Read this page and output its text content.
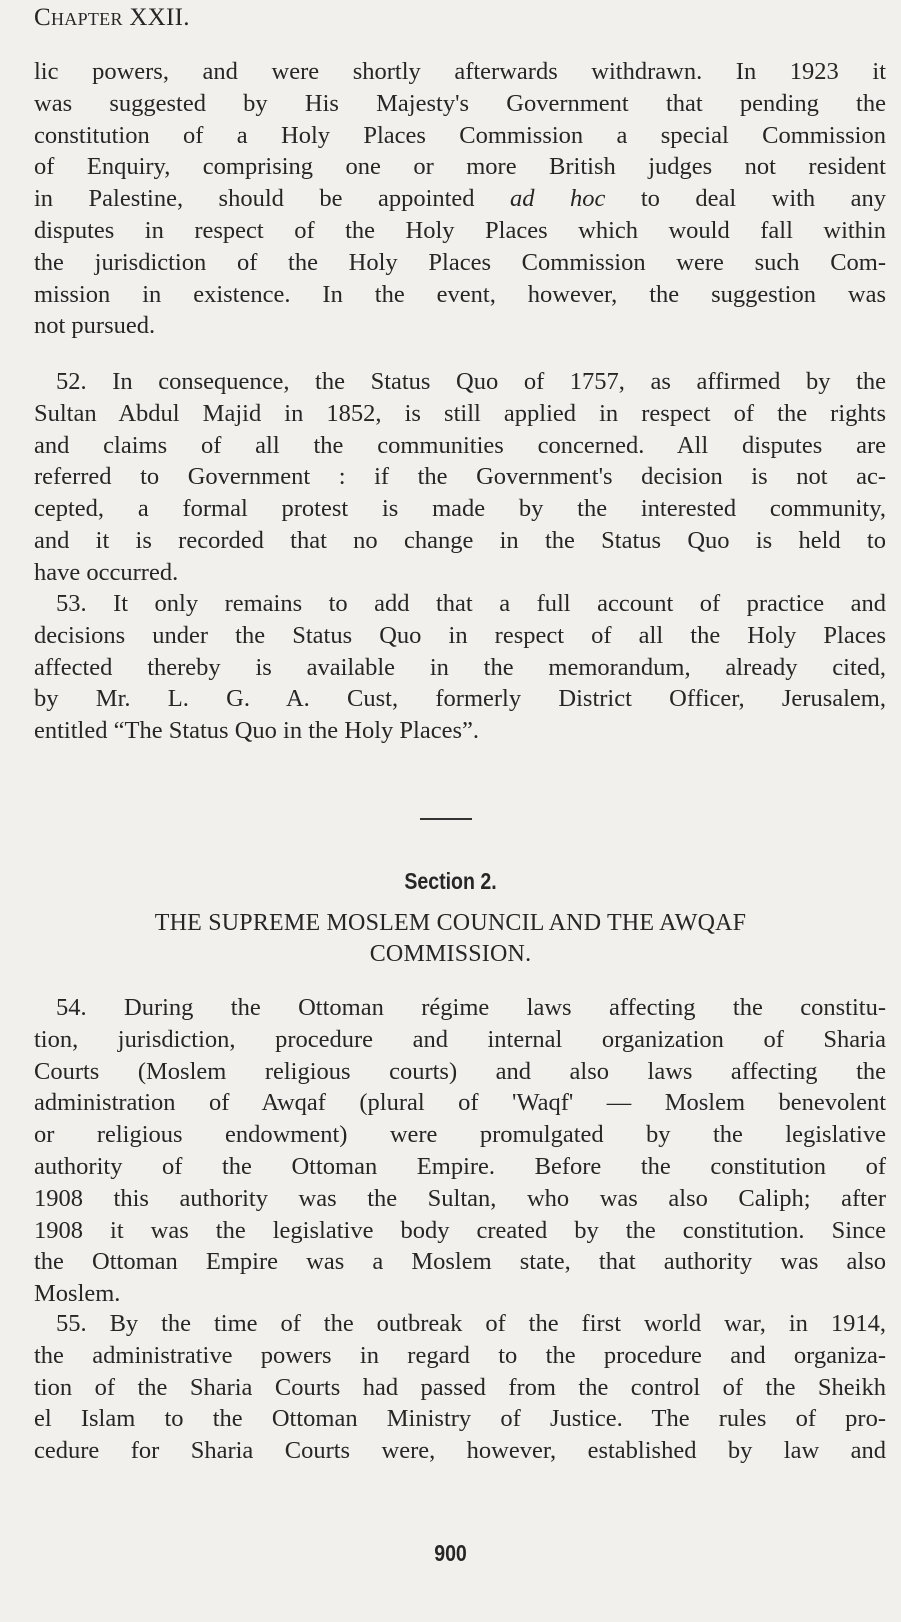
Chapter XXII.
lic powers, and were shortly afterwards withdrawn. In 1923 it
was suggested by His Majesty's Government that pending the
constitution of a Holy Places Commission a special Commission
of Enquiry, comprising one or more British judges not resident
in Palestine, should be appointed ad hoc to deal with any
disputes in respect of the Holy Places which would fall within
the jurisdiction of the Holy Places Commission were such Com-
mission in existence. In the event, however, the suggestion was
not pursued.
52. In consequence, the Status Quo of 1757, as affirmed by the
Sultan Abdul Majid in 1852, is still applied in respect of the rights
and claims of all the communities concerned. All disputes are
referred to Government : if the Government's decision is not ac-
cepted, a formal protest is made by the interested community,
and it is recorded that no change in the Status Quo is held to
have occurred.
53. It only remains to add that a full account of practice and
decisions under the Status Quo in respect of all the Holy Places
affected thereby is available in the memorandum, already cited,
by Mr. L. G. A. Cust, formerly District Officer, Jerusalem,
entitled “The Status Quo in the Holy Places”.
Section 2.
THE SUPREME MOSLEM COUNCIL AND THE AWQAF
COMMISSION.
54. During the Ottoman régime laws affecting the constitu-
tion, jurisdiction, procedure and internal organization of Sharia
Courts (Moslem religious courts) and also laws affecting the
administration of Awqaf (plural of 'Waqf' — Moslem benevolent
or religious endowment) were promulgated by the legislative
authority of the Ottoman Empire. Before the constitution of
1908 this authority was the Sultan, who was also Caliph; after
1908 it was the legislative body created by the constitution. Since
the Ottoman Empire was a Moslem state, that authority was also
Moslem.
55. By the time of the outbreak of the first world war, in 1914,
the administrative powers in regard to the procedure and organiza-
tion of the Sharia Courts had passed from the control of the Sheikh
el Islam to the Ottoman Ministry of Justice. The rules of pro-
cedure for Sharia Courts were, however, established by law and
900
